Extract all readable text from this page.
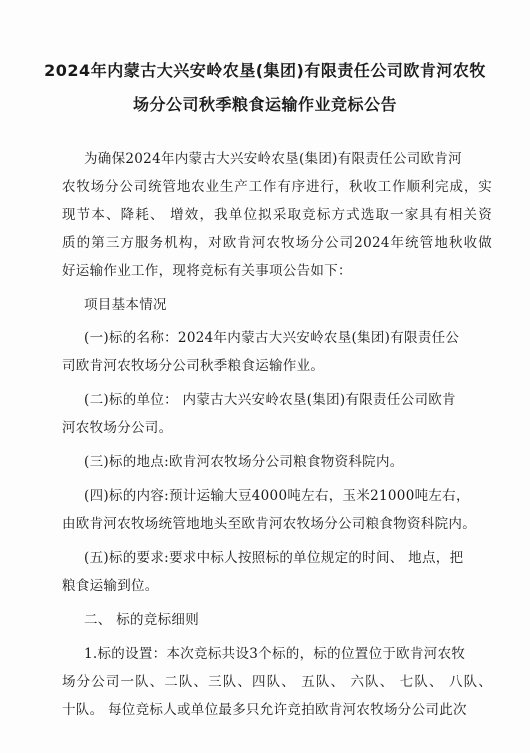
2024年内蒙古大兴安岭农垦(集团)有限责任公司欧肯河农牧
场分公司秋季粮食运输作业竞标公告
为确保2024年内蒙古大兴安岭农垦(集团)有限责任公司欧肯河
农牧场分公司统管地农业生产工作有序进行，秋收工作顺利完成，实
现节本、降耗、 增效，我单位拟采取竞标方式选取一家具有相关资
质的第三方服务机构，对欧肯河农牧场分公司2024年统管地秋收做
好运输作业工作，现将竞标有关事项公告如下：
项目基本情况
(一)标的名称：2024年内蒙古大兴安岭农垦(集团)有限责任公
司欧肯河农牧场分公司秋季粮食运输作业。
(二)标的单位： 内蒙古大兴安岭农垦(集团)有限责任公司欧肯
河农牧场分公司。
(三)标的地点:欧肯河农牧场分公司粮食物资科院内。
(四)标的内容:预计运输大豆4000吨左右，玉米21000吨左右，
由欧肯河农牧场统管地地头至欧肯河农牧场分公司粮食物资科院内。
(五)标的要求:要求中标人按照标的单位规定的时间、 地点，把
粮食运输到位。
二、 标的竞标细则
1.标的设置：本次竞标共设3个标的，标的位置位于欧肯河农牧
场分公司一队、二队、三队、四队、 五队、 六队、 七队、 八队、
十队。 每位竞标人或单位最多只允许竞拍欧肯河农牧场分公司此次
